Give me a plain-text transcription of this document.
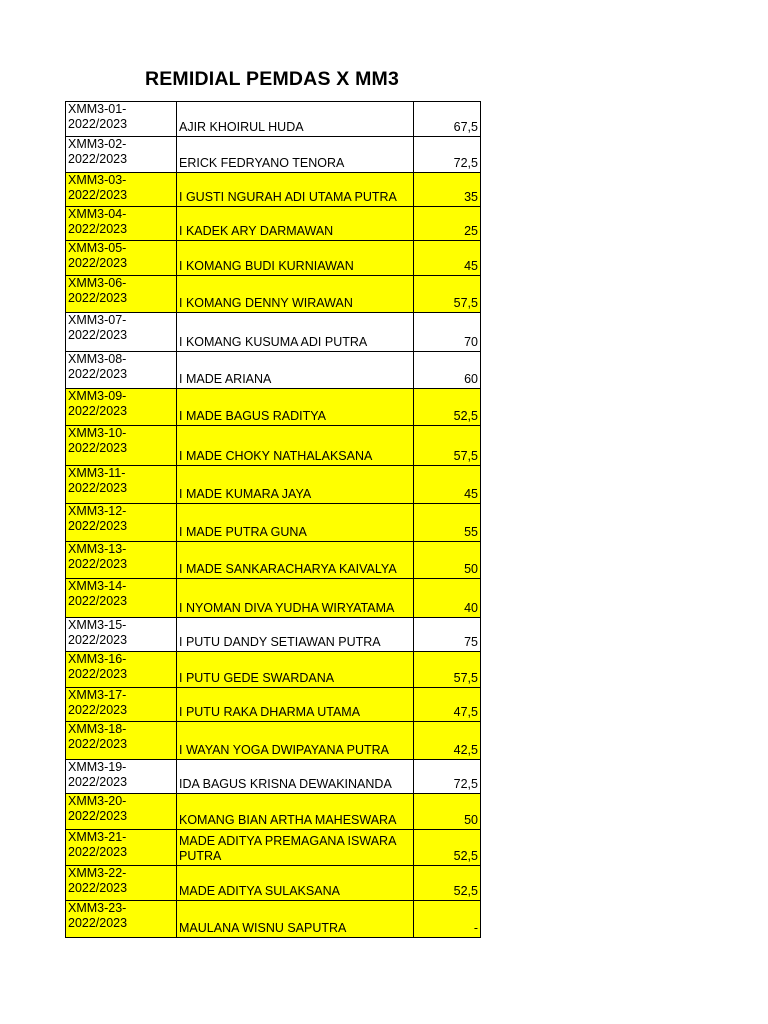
REMIDIAL PEMDAS X MM3
XMM3-01-
2022/2023	AJIR KHOIRUL HUDA	67,5

XMM3-02-
2022/2023	ERICK FEDRYANO TENORA	72,5

XMM3-03-
2022/2023	I GUSTI NGURAH ADI UTAMA PUTRA	35

XMM3-04-
2022/2023	I KADEK ARY DARMAWAN	25

XMM3-05-
2022/2023	I KOMANG BUDI KURNIAWAN	45

XMM3-06-
2022/2023	I KOMANG DENNY WIRAWAN	57,5

XMM3-07-
2022/2023	I KOMANG KUSUMA ADI PUTRA	70

XMM3-08-
2022/2023	I MADE ARIANA	60

XMM3-09-
2022/2023	I MADE BAGUS RADITYA	52,5

XMM3-10-
2022/2023	I MADE CHOKY NATHALAKSANA	57,5

XMM3-11-
2022/2023	I MADE KUMARA JAYA	45

XMM3-12-
2022/2023	I MADE PUTRA GUNA	55

XMM3-13-
2022/2023	I MADE SANKARACHARYA KAIVALYA	50

XMM3-14-
2022/2023	I NYOMAN DIVA YUDHA WIRYATAMA	40

XMM3-15-
2022/2023	I PUTU DANDY SETIAWAN PUTRA	75

XMM3-16-
2022/2023	I PUTU GEDE SWARDANA	57,5

XMM3-17-
2022/2023	I PUTU RAKA DHARMA UTAMA	47,5

XMM3-18-
2022/2023	I WAYAN YOGA DWIPAYANA PUTRA	42,5

XMM3-19-
2022/2023	IDA BAGUS KRISNA DEWAKINANDA	72,5

XMM3-20-
2022/2023	KOMANG BIAN ARTHA MAHESWARA	50

XMM3-21-
2022/2023	MADE ADITYA PREMAGANA ISWARA PUTRA	52,5

XMM3-22-
2022/2023	MADE ADITYA SULAKSANA	52,5

XMM3-23-
2022/2023	MAULANA WISNU SAPUTRA	-
